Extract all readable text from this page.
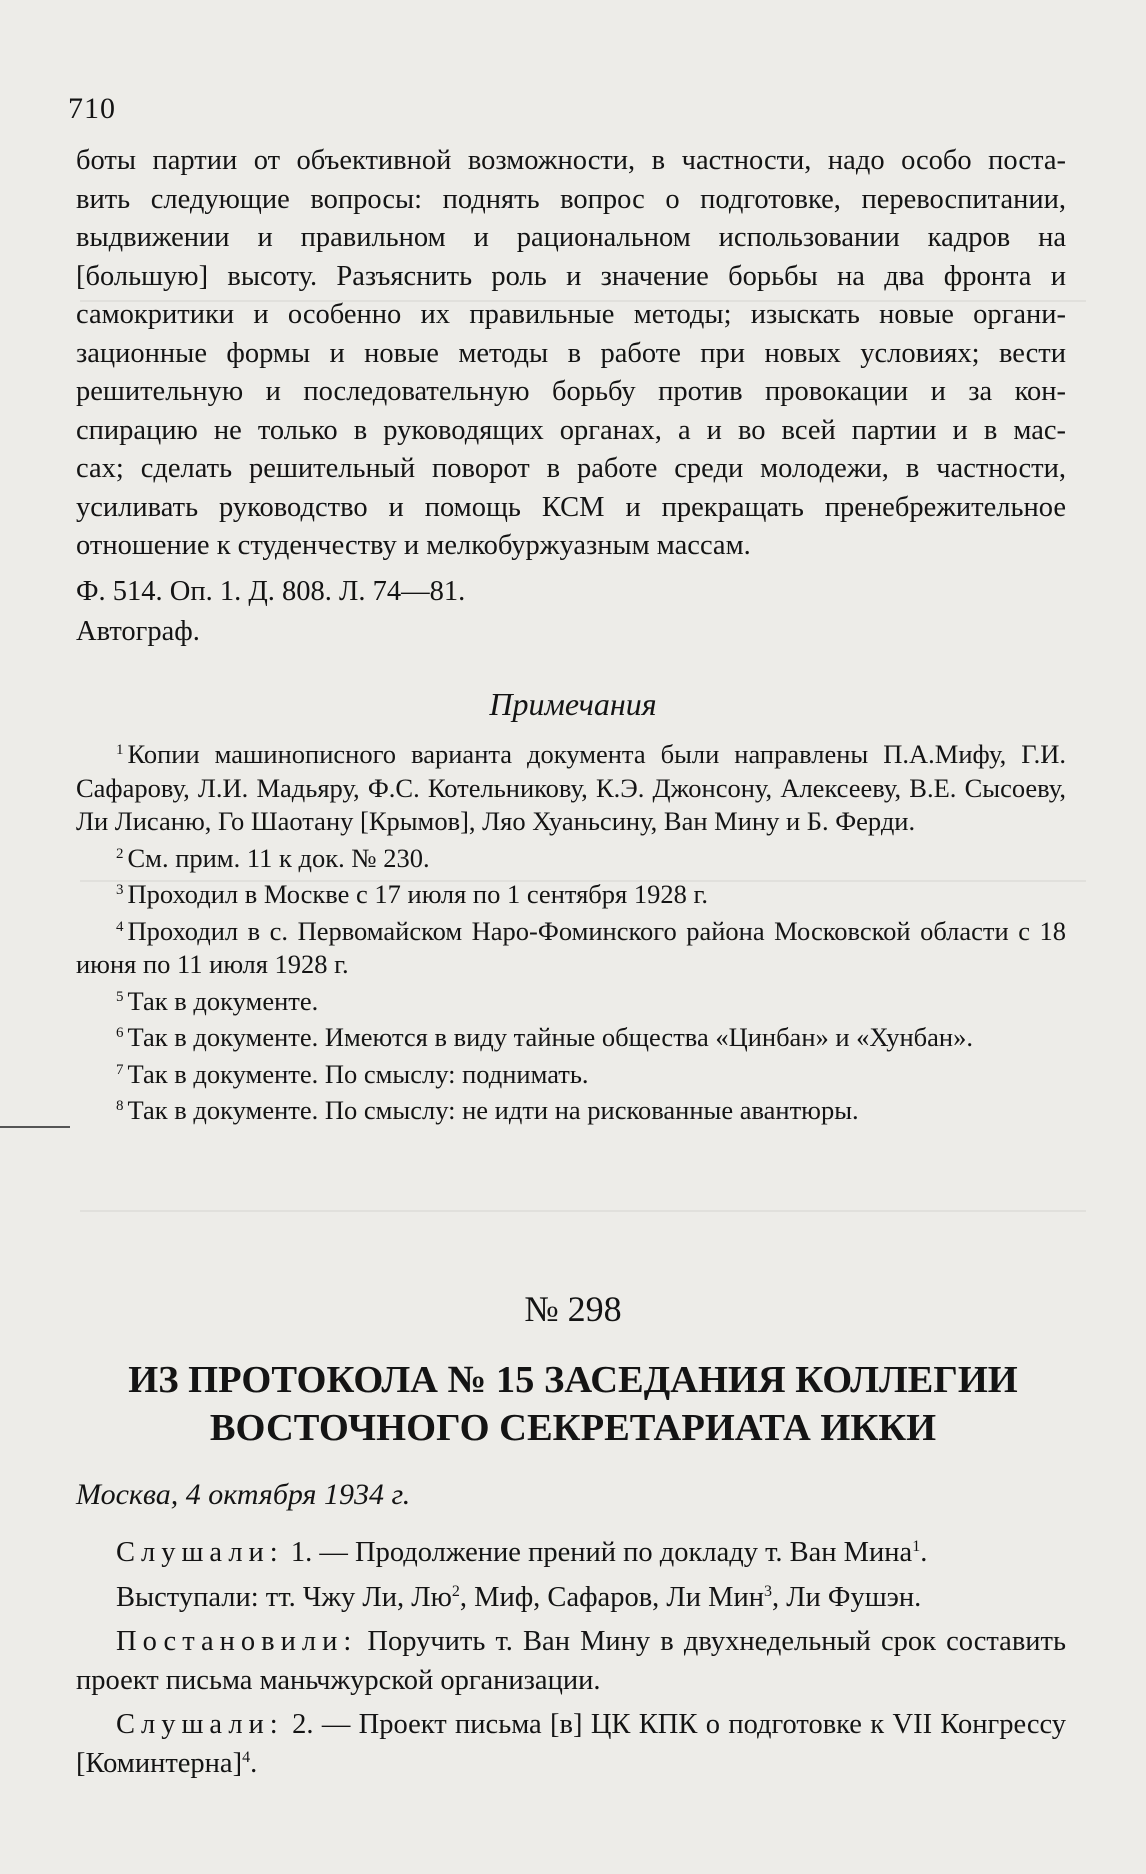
710
боты партии от объективной возможности, в частности, надо особо поста-
вить следующие вопросы: поднять вопрос о подготовке, перевоспитании,
выдвижении и правильном и рациональном использовании кадров на
[большую] высоту. Разъяснить роль и значение борьбы на два фронта и
самокритики и особенно их правильные методы; изыскать новые органи-
зационные формы и новые методы в работе при новых условиях; вести
решительную и последовательную борьбу против провокации и за кон-
спирацию не только в руководящих органах, а и во всей партии и в мас-
сах; сделать решительный поворот в работе среди молодежи, в частности,
усиливать руководство и помощь КСМ и прекращать пренебрежительное
отношение к студенчеству и мелкобуржуазным массам.
Ф. 514. Оп. 1. Д. 808. Л. 74—81.
Автограф.
Примечания

$^1$ Копии машинописного варианта документа были направлены П.А.Мифу, Г.И. Сафарову, Л.И. Мадьяру, Ф.С. Котельникову, К.Э. Джонсону, Алексееву, В.Е. Сысоеву, Ли Лисаню, Го Шаотану [Крымов], Ляо Хуаньсину, Ван Мину и Б. Ферди.

$^2$ См. прим. 11 к док. № 230.

$^3$ Проходил в Москве с 17 июля по 1 сентября 1928 г.

$^4$ Проходил в с. Первомайском Наро-Фоминского района Московской области с 18 июня по 11 июля 1928 г.

$^5$ Так в документе.

$^6$ Так в документе. Имеются в виду тайные общества «Цинбан» и «Хунбан».

$^7$ Так в документе. По смыслу: поднимать.

$^8$ Так в документе. По смыслу: не идти на рискованные авантюры.

№ 298
ИЗ ПРОТОКОЛА № 15 ЗАСЕДАНИЯ КОЛЛЕГИИ
ВОСТОЧНОГО СЕКРЕТАРИАТА ИККИ
Москва, 4 октября 1934 г.

Слушали: 1. — Продолжение прений по докладу т. Ван Мина$^1$.

Выступали: тт. Чжу Ли, $Лю^2$, Миф, Сафаров, Ли Мин$^3$, Ли Фушэн.

Постановили: Поручить т. Ван Мину в двухнедельный срок составить проект письма маньчжурской организации.

Слушали: 2. — Проект письма [в] ЦК КПК о подготовке к VII Конгрессу [Коминтерна]$^4$.
